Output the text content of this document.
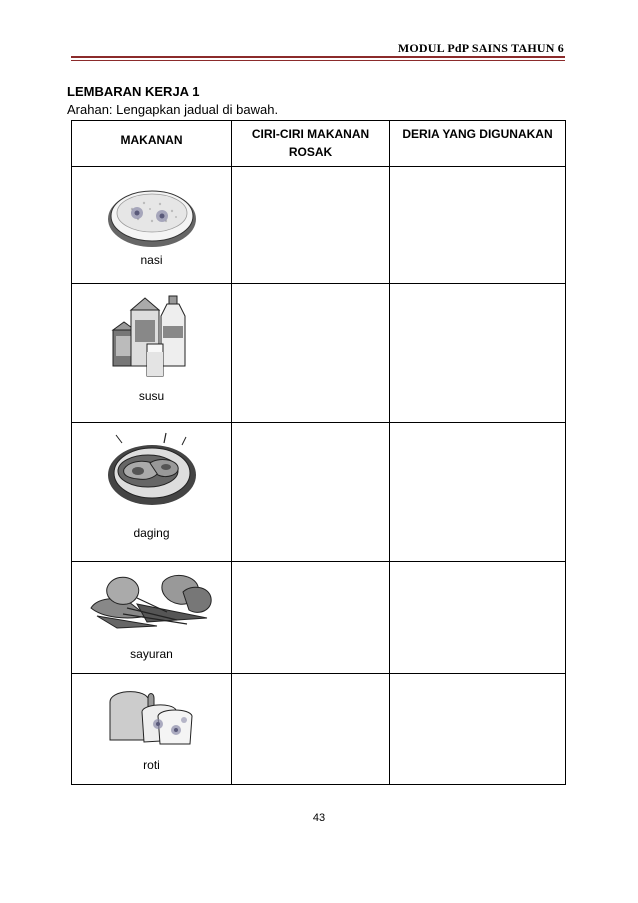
MODUL PdP SAINS TAHUN 6
LEMBARAN KERJA 1
Arahan: Lengapkan jadual di bawah.
MAKANAN	CIRI-CIRI MAKANAN ROSAK	DERIA YANG DIGUNAKAN

nasi		

susu		

daging		

sayuran		

roti		

43
